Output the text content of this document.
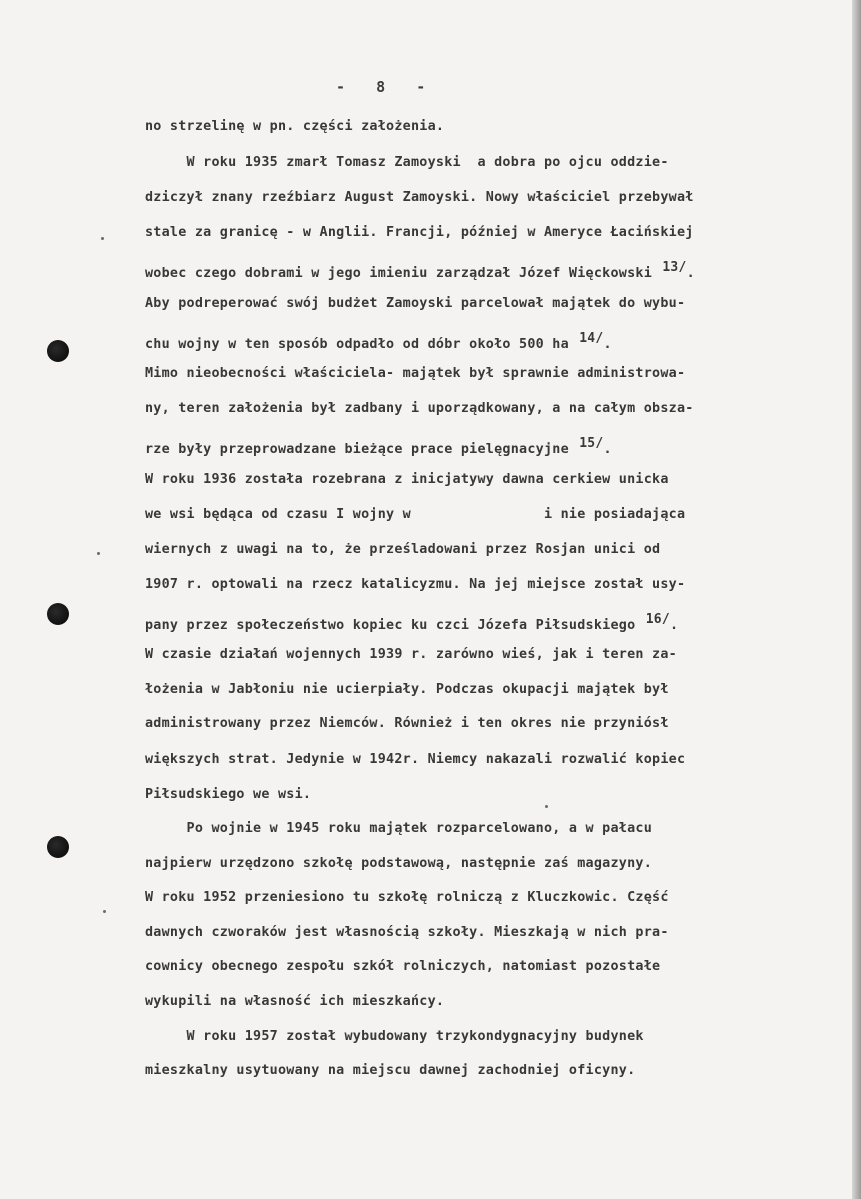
-   8   -
no strzelinę w pn. części założenia.
W roku 1935 zmarł Tomasz Zamoyski  a dobra po ojcu oddzie-
dziczył znany rzeźbiarz August Zamoyski. Nowy właściciel przebywał
stale za granicę - w Anglii. Francji, później w Ameryce Łacińskiej
wobec czego dobrami w jego imieniu zarządzał Józef Więckowski $^{13/}$.
Aby podreperować swój budżet Zamoyski parcelował majątek do wybu-
chu wojny w ten sposób odpadło od dóbr około 500 ha $^{14/}$.
Mimo nieobecności właściciela- majątek był sprawnie administrowa-
ny, teren założenia był zadbany i uporządkowany, a na całym obsza-
rze były przeprowadzane bieżące prace pielęgnacyjne $^{15/}$.
W roku 1936 została rozebrana z inicjatywy dawna cerkiew unicka
we wsi będąca od czasu I wojny w                i nie posiadająca
wiernych z uwagi na to, że prześladowani przez Rosjan unici od
1907 r. optowali na rzecz katalicyzmu. Na jej miejsce został usy-
pany przez społeczeństwo kopiec ku czci Józefa Piłsudskiego $^{16/}$.
W czasie działań wojennych 1939 r. zarówno wieś, jak i teren za-
łożenia w Jabłoniu nie ucierpiały. Podczas okupacji majątek był
administrowany przez Niemców. Również i ten okres nie przyniósł
większych strat. Jedynie w 1942r. Niemcy nakazali rozwalić kopiec
Piłsudskiego we wsi.
Po wojnie w 1945 roku majątek rozparcelowano, a w pałacu
najpierw urzędzono szkołę podstawową, następnie zaś magazyny.
W roku 1952 przeniesiono tu szkołę rolniczą z Kluczkowic. Część
dawnych czworaków jest własnością szkoły. Mieszkają w nich pra-
cownicy obecnego zespołu szkół rolniczych, natomiast pozostałe
wykupili na własność ich mieszkańcy.
W roku 1957 został wybudowany trzykondygnacyjny budynek
mieszkalny usytuowany na miejscu dawnej zachodniej oficyny.
